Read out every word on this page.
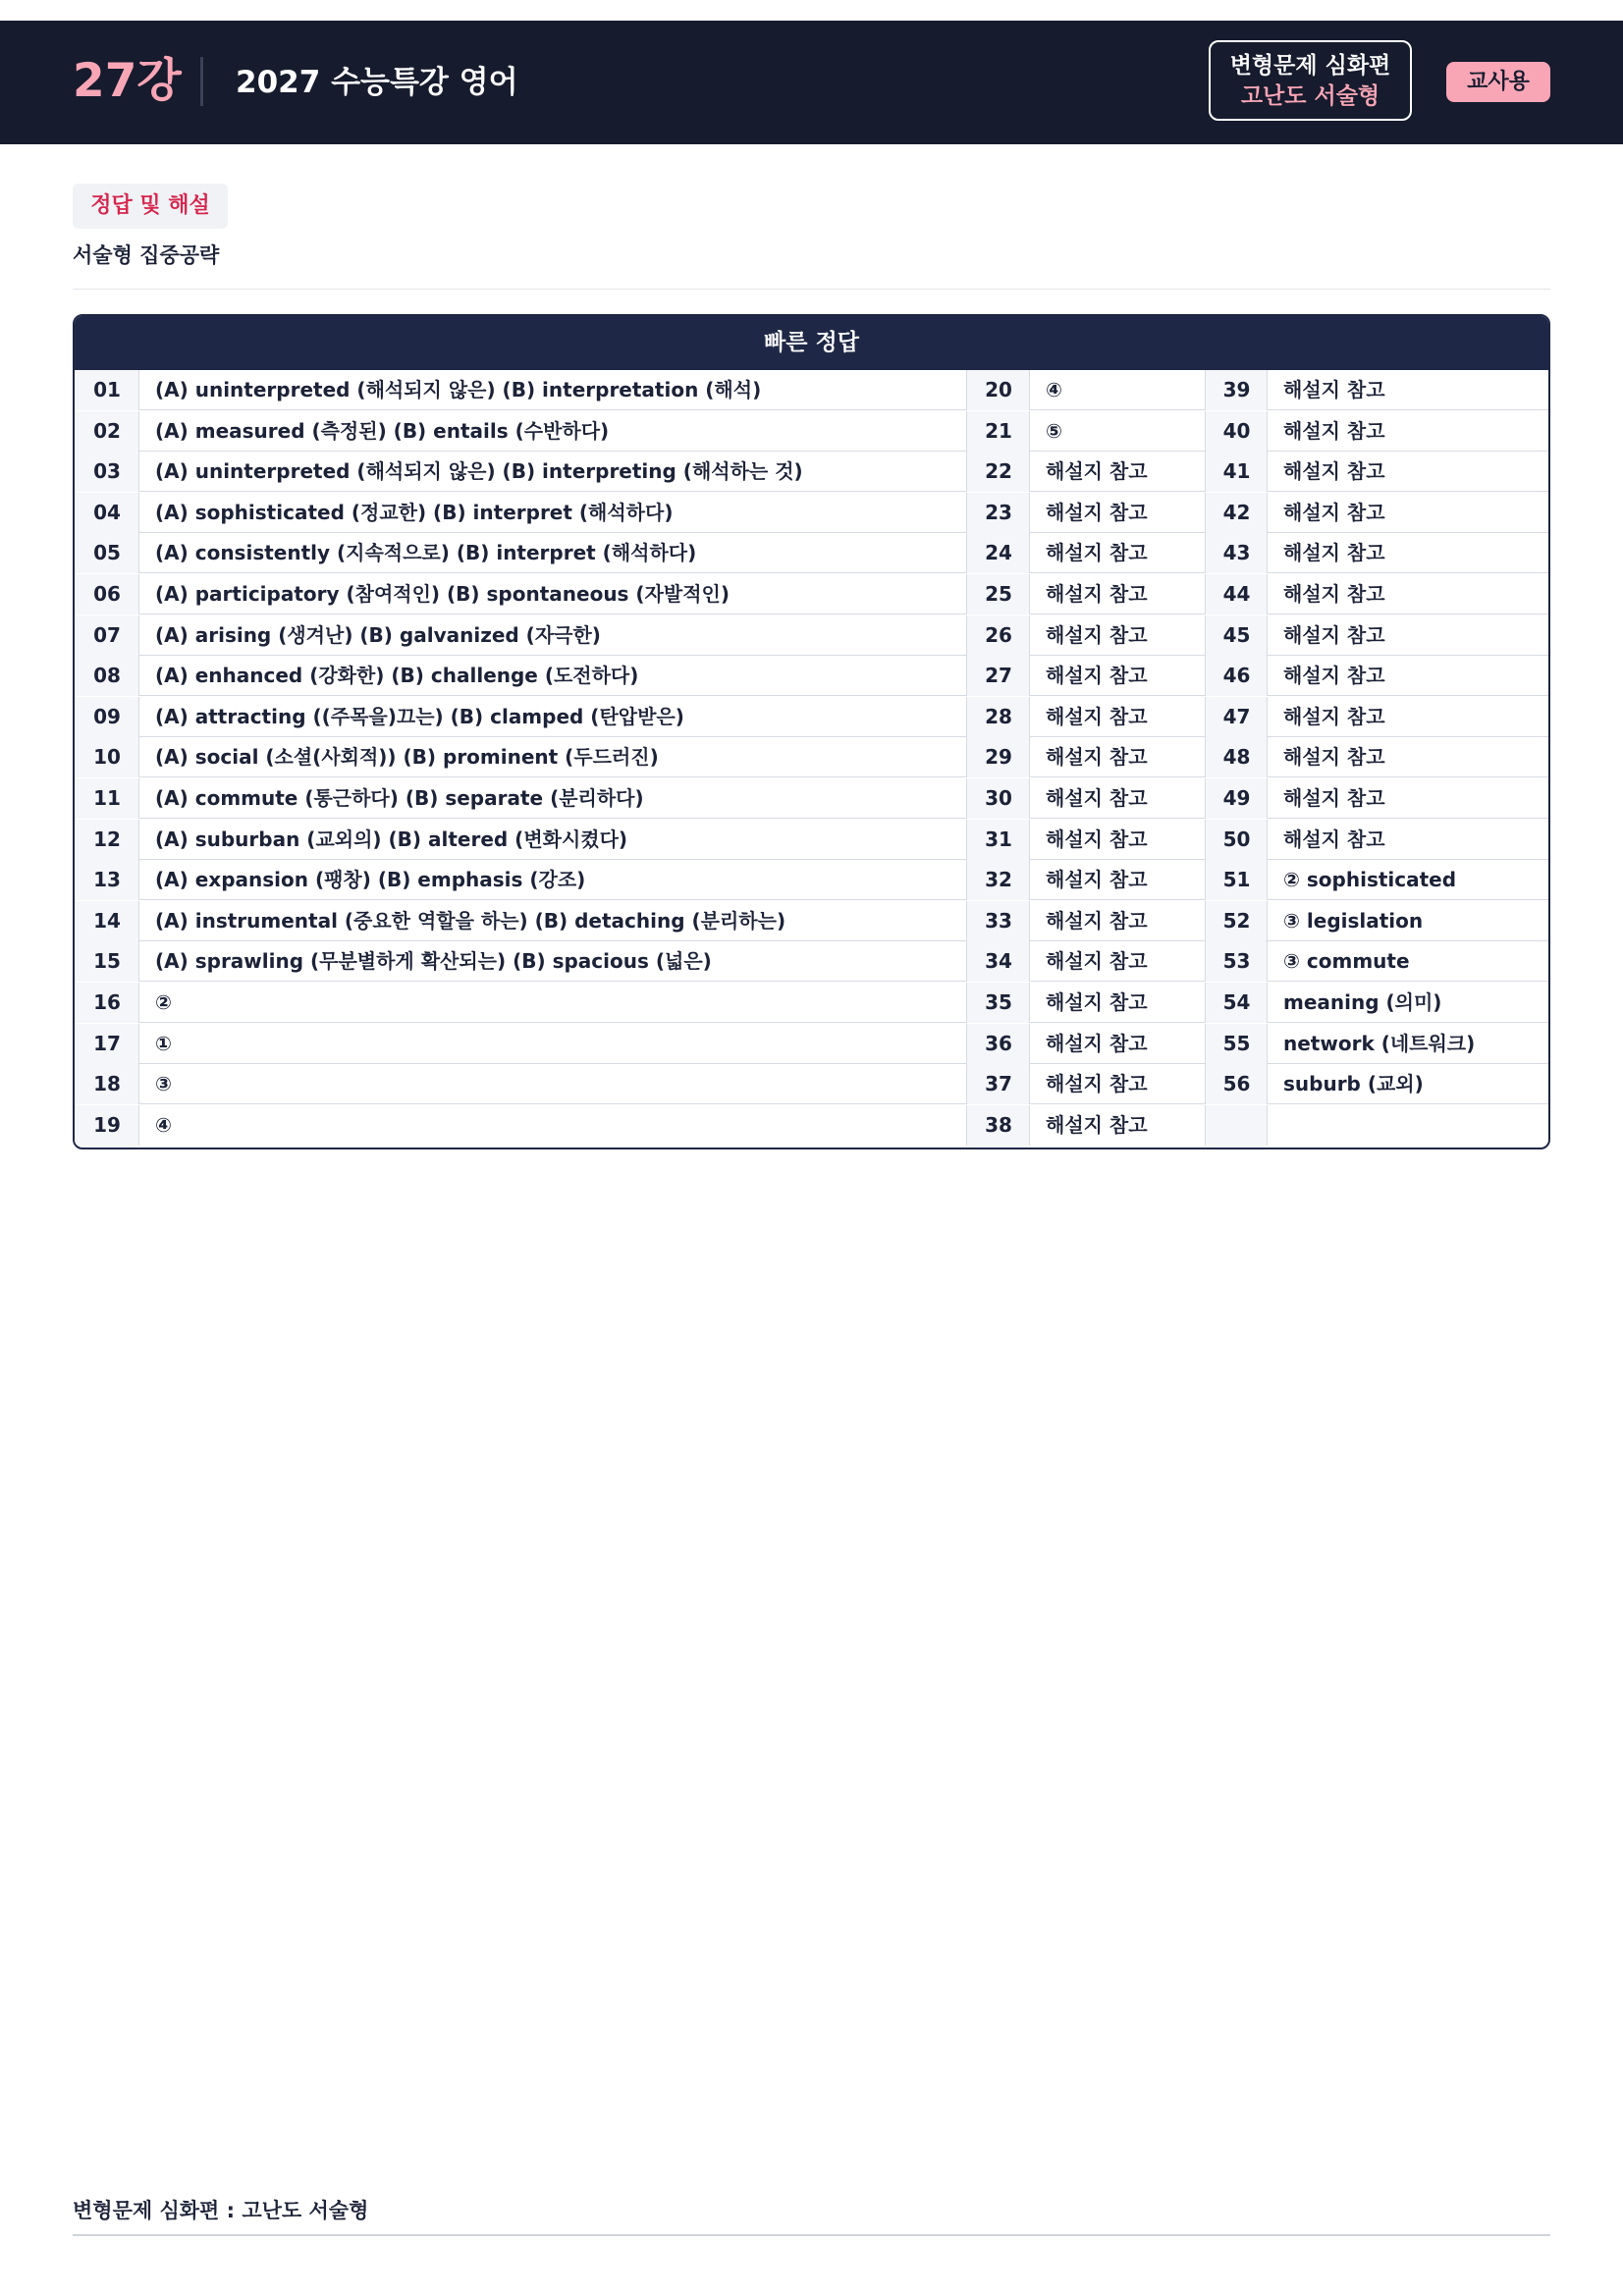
27강 2027 수능특강 영어	변형문제 심화편
고난도 서술형
교사용
정답 및 해설
서술형 집중공략
빠른 정답
01	(A) uninterpreted (해석되지 않은) (B) interpretation (해석)	20	④	39	해설지 참고
02	(A) measured (측정된) (B) entails (수반하다)	21	⑤	40	해설지 참고
03	(A) uninterpreted (해석되지 않은) (B) interpreting (해석하는 것)	22	해설지 참고	41	해설지 참고
04	(A) sophisticated (정교한) (B) interpret (해석하다)	23	해설지 참고	42	해설지 참고
05	(A) consistently (지속적으로) (B) interpret (해석하다)	24	해설지 참고	43	해설지 참고
06	(A) participatory (참여적인) (B) spontaneous (자발적인)	25	해설지 참고	44	해설지 참고
07	(A) arising (생겨난) (B) galvanized (자극한)	26	해설지 참고	45	해설지 참고
08	(A) enhanced (강화한) (B) challenge (도전하다)	27	해설지 참고	46	해설지 참고
09	(A) attracting ((주목을)끄는) (B) clamped (탄압받은)	28	해설지 참고	47	해설지 참고
10	(A) social (소셜(사회적)) (B) prominent (두드러진)	29	해설지 참고	48	해설지 참고
11	(A) commute (통근하다) (B) separate (분리하다)	30	해설지 참고	49	해설지 참고
12	(A) suburban (교외의) (B) altered (변화시켰다)	31	해설지 참고	50	해설지 참고
13	(A) expansion (팽창) (B) emphasis (강조)	32	해설지 참고	51	② sophisticated
14	(A) instrumental (중요한 역할을 하는) (B) detaching (분리하는)	33	해설지 참고	52	③ legislation
15	(A) sprawling (무분별하게 확산되는) (B) spacious (넓은)	34	해설지 참고	53	③ commute
16	②	35	해설지 참고	54	meaning (의미)
17	①	36	해설지 참고	55	network (네트워크)
18	③	37	해설지 참고	56	suburb (교외)
19	④	38	해설지 참고
변형문제 심화편 : 고난도 서술형
